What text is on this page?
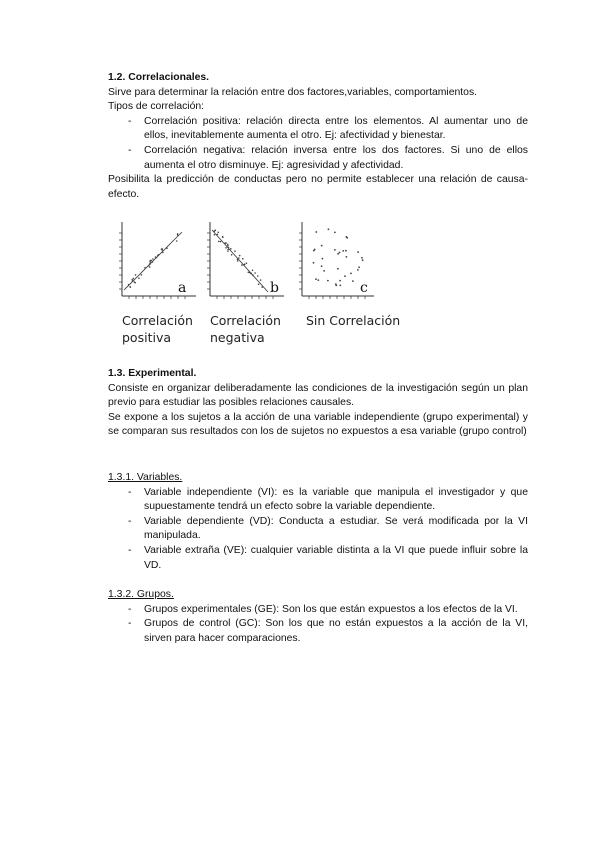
1.2. Correlacionales.

Sirve para determinar la relación entre dos factores,variables, comportamientos.

Tipos de correlación:

- Correlación positiva: relación directa entre los elementos. Al aumentar uno de ellos, inevitablemente aumenta el otro. Ej: afectividad y bienestar.
- Correlación negativa: relación inversa entre los dos factores. Si uno de ellos aumenta el otro disminuye. Ej: agresividad y afectividad.

Posibilita la predicción de conductas pero no permite establecer una relación de causa-efecto.

a	b	c
Correlación
positiva
Correlación
negativa
Sin Correlación

1.3. Experimental.

Consiste en organizar deliberadamente las condiciones de la investigación según un plan previo para estudiar las posibles relaciones causales.

Se expone a los sujetos a la acción de una variable independiente (grupo experimental) y se comparan sus resultados con los de sujetos no expuestos a esa variable (grupo control)

1.3.1. Variables.

- Variable independiente (VI): es la variable que manipula el investigador y que supuestamente tendrá un efecto sobre la variable dependiente.
- Variable dependiente (VD): Conducta a estudiar. Se verá modificada por la VI manipulada.
- Variable extraña (VE): cualquier variable distinta a la VI que puede influir sobre la VD.

1.3.2. Grupos.

- Grupos experimentales (GE): Son los que están expuestos a los efectos de la VI.
- Grupos de control (GC): Son los que no están expuestos a la acción de la VI, sirven para hacer comparaciones.
